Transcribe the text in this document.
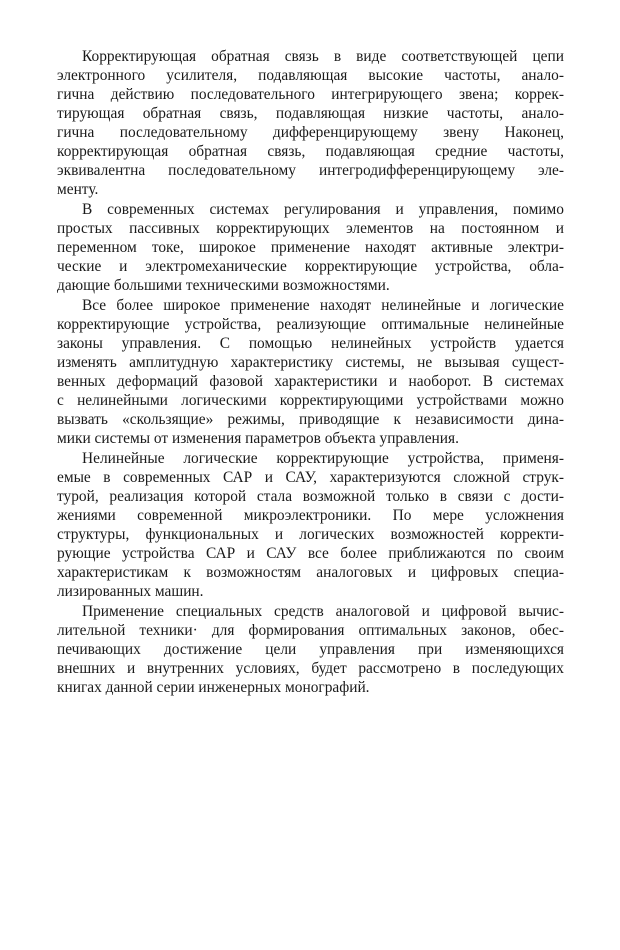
Корректирующая обратная связь в виде соответствующей цепи
электронного усилителя, подавляющая высокие частоты, анало-
гична действию последовательного интегрирующего звена; коррек-
тирующая обратная связь, подавляющая низкие частоты, анало-
гична последовательному дифференцирующему звену Наконец,
корректирующая обратная связь, подавляющая средние частоты,
эквивалентна последовательному интегродифференцирующему эле-
менту.
В современных системах регулирования и управления, помимо
простых пассивных корректирующих элементов на постоянном и
переменном токе, широкое применение находят активные электри-
ческие и электромеханические корректирующие устройства, обла-
дающие большими техническими возможностями.
Все более широкое применение находят нелинейные и логические
корректирующие устройства, реализующие оптимальные нелинейные
законы управления. С помощью нелинейных устройств удается
изменять амплитудную характеристику системы, не вызывая сущест-
венных деформаций фазовой характеристики и наоборот. В системах
с нелинейными логическими корректирующими устройствами можно
вызвать «скользящие» режимы, приводящие к независимости дина-
мики системы от изменения параметров объекта управления.
Нелинейные логические корректирующие устройства, применя-
емые в современных САР и САУ, характеризуются сложной струк-
турой, реализация которой стала возможной только в связи с дости-
жениями современной микроэлектроники. По мере усложнения
структуры, функциональных и логических возможностей корректи-
рующие устройства САР и САУ все более приближаются по своим
характеристикам к возможностям аналоговых и цифровых специа-
лизированных машин.
Применение специальных средств аналоговой и цифровой вычис-
лительной техники· для формирования оптимальных законов, обес-
печивающих достижение цели управления при изменяющихся
внешних и внутренних условиях, будет рассмотрено в последующих
книгах данной серии инженерных монографий.
